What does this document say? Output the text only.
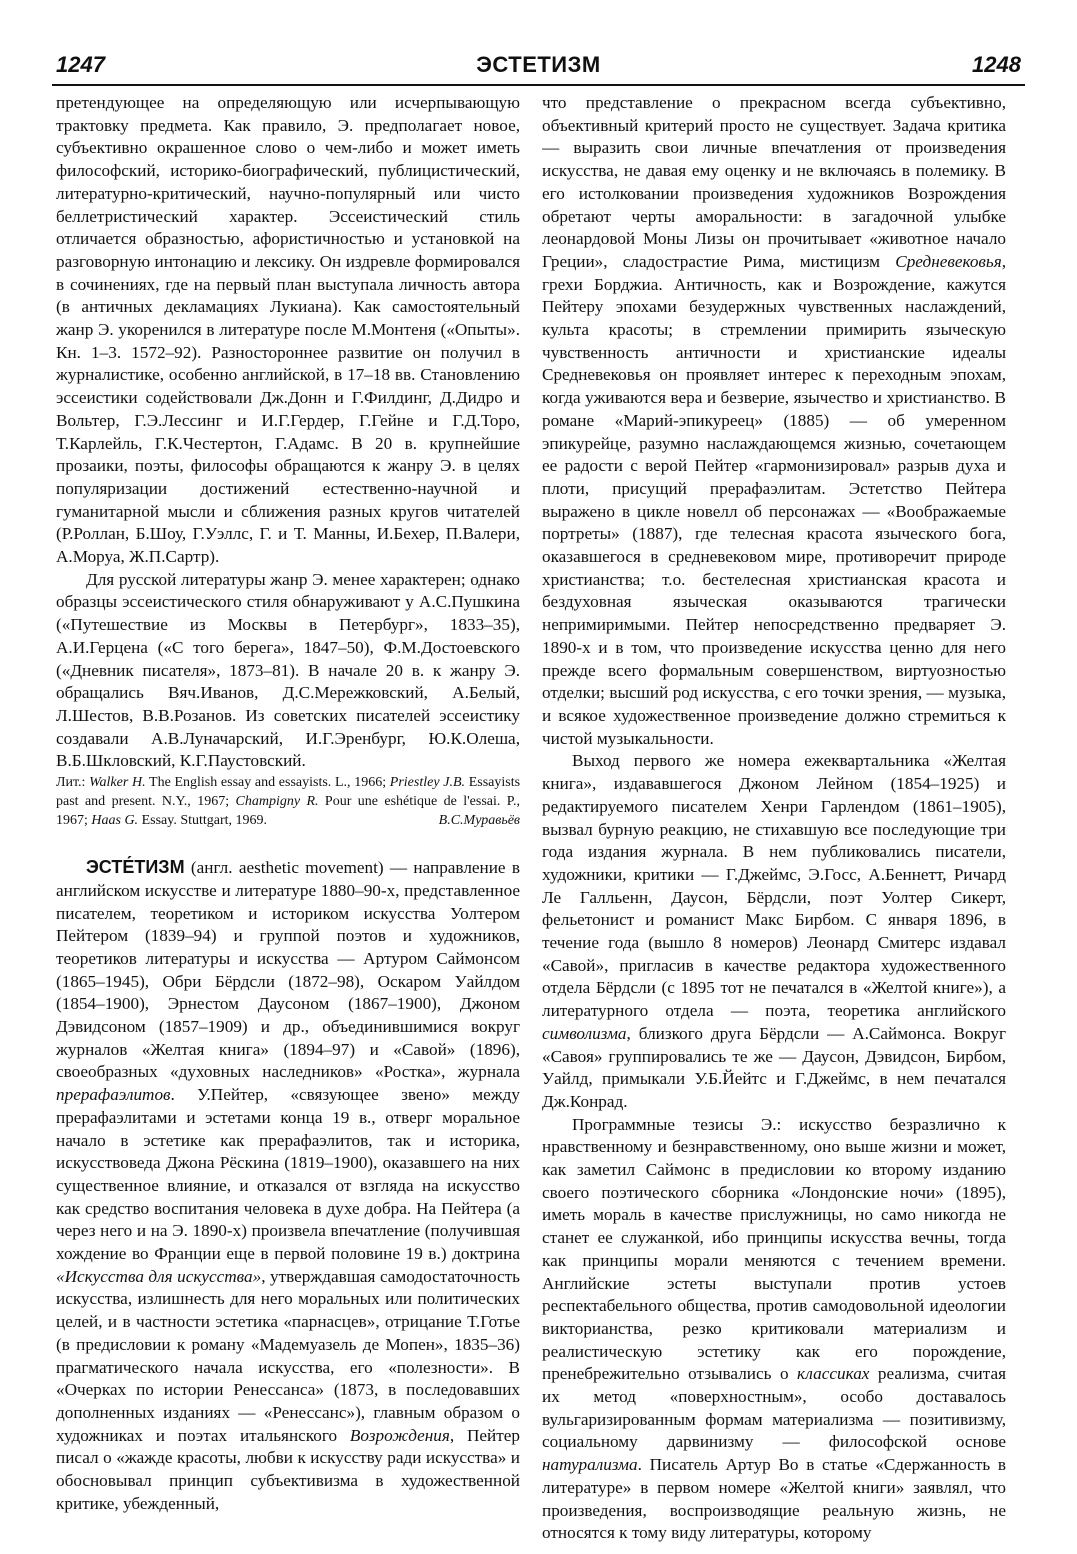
1247	ЭСТЕТИЗМ	1248

претендующее на определяющую или исчерпывающую трактовку предмета. Как правило, Э. предполагает новое, субъективно окрашенное слово о чем-либо и может иметь философский, историко-биографический, публицистический, литературно-критический, научно-популярный или чисто беллетристический характер. Эссеистический стиль отличается образностью, афористичностью и установкой на разговорную интонацию и лексику. Он издревле формировался в сочинениях, где на первый план выступала личность автора (в античных декламациях Лукиана). Как самостоятельный жанр Э. укоренился в литературе после М.Монтеня («Опыты». Кн. 1–3. 1572–92). Разностороннее развитие он получил в журналистике, особенно английской, в 17–18 вв. Становлению эссеистики содействовали Дж.Донн и Г.Филдинг, Д.Дидро и Вольтер, Г.Э.Лессинг и И.Г.Гердер, Г.Гейне и Г.Д.Торо, Т.Карлейль, Г.К.Честертон, Г.Адамс. В 20 в. крупнейшие прозаики, поэты, философы обращаются к жанру Э. в целях популяризации достижений естественно-научной и гуманитарной мысли и сближения разных кругов читателей (Р.Роллан, Б.Шоу, Г.Уэллс, Г. и Т. Манны, И.Бехер, П.Валери, А.Моруа, Ж.П.Сартр).

Для русской литературы жанр Э. менее характерен; однако образцы эссеистического стиля обнаруживают у А.С.Пушкина («Путешествие из Москвы в Петербург», 1833–35), А.И.Герцена («С того берега», 1847–50), Ф.М.Достоевского («Дневник писателя», 1873–81). В начале 20 в. к жанру Э. обращались Вяч.Иванов, Д.С.Мережковский, А.Белый, Л.Шестов, В.В.Розанов. Из советских писателей эссеистику создавали А.В.Луначарский, И.Г.Эренбург, Ю.К.Олеша, В.Б.Шкловский, К.Г.Паустовский.

Лит.: Walker H. The English essay and essayists. L., 1966; Priestley J.B. Essayists past and present. N.Y., 1967; Champigny R. Pour une eshétique de l'essai. P., 1967; Haas G. Essay. Stuttgart, 1969.	В.С.Муравьёв

ЭСТЕ́ТИЗМ (англ. aesthetic movement) — направление в английском искусстве и литературе 1880–90-х, представленное писателем, теоретиком и историком искусства Уолтером Пейтером (1839–94) и группой поэтов и художников, теоретиков литературы и искусства — Артуром Саймонсом (1865–1945), Обри Бёрдсли (1872–98), Оскаром Уайлдом (1854–1900), Эрнестом Даусоном (1867–1900), Джоном Дэвидсоном (1857–1909) и др., объединившимися вокруг журналов «Желтая книга» (1894–97) и «Савой» (1896), своеобразных «духовных наследников» «Ростка», журнала прерафаэлитов. У.Пейтер, «связующее звено» между прерафаэлитами и эстетами конца 19 в., отверг моральное начало в эстетике как прерафаэлитов, так и историка, искусствоведа Джона Рёскина (1819–1900), оказавшего на них существенное влияние, и отказался от взгляда на искусство как средство воспитания человека в духе добра. На Пейтера (а через него и на Э. 1890-х) произвела впечатление (получившая хождение во Франции еще в первой половине 19 в.) доктрина «Искусства для искусства», утверждавшая самодостаточность искусства, излишнесть для него моральных или политических целей, и в частности эстетика «парнасцев», отрицание Т.Готье (в предисловии к роману «Мадемуазель де Мопен», 1835–36) прагматического начала искусства, его «полезности». В «Очерках по истории Ренессанса» (1873, в последовавших дополненных изданиях — «Ренессанс»), главным образом о художниках и поэтах итальянского Возрождения, Пейтер писал о «жажде красоты, любви к искусству ради искусства» и обосновывал принцип субъективизма в художественной критике, убежденный,

что представление о прекрасном всегда субъективно, объективный критерий просто не существует. Задача критика — выразить свои личные впечатления от произведения искусства, не давая ему оценку и не включаясь в полемику. В его истолковании произведения художников Возрождения обретают черты аморальности: в загадочной улыбке леонардовой Моны Лизы он прочитывает «животное начало Греции», сладострастие Рима, мистицизм Средневековья, грехи Борджиа. Античность, как и Возрождение, кажутся Пейтеру эпохами безудержных чувственных наслаждений, культа красоты; в стремлении примирить языческую чувственность античности и христианские идеалы Средневековья он проявляет интерес к переходным эпохам, когда уживаются вера и безверие, язычество и христианство. В романе «Марий-эпикуреец» (1885) — об умеренном эпикурейце, разумно наслаждающемся жизнью, сочетающем ее радости с верой Пейтер «гармонизировал» разрыв духа и плоти, присущий прерафаэлитам. Эстетство Пейтера выражено в цикле новелл об персонажах — «Воображаемые портреты» (1887), где телесная красота языческого бога, оказавшегося в средневековом мире, противоречит природе христианства; т.о. бестелесная христианская красота и бездуховная языческая оказываются трагически непримиримыми. Пейтер непосредственно предваряет Э. 1890-х и в том, что произведение искусства ценно для него прежде всего формальным совершенством, виртуозностью отделки; высший род искусства, с его точки зрения, — музыка, и всякое художественное произведение должно стремиться к чистой музыкальности.

Выход первого же номера ежеквартальника «Желтая книга», издававшегося Джоном Лейном (1854–1925) и редактируемого писателем Хенри Гарлендом (1861–1905), вызвал бурную реакцию, не стихавшую все последующие три года издания журнала. В нем публиковались писатели, художники, критики — Г.Джеймс, Э.Госс, А.Беннетт, Ричард Ле Галльенн, Даусон, Бёрдсли, поэт Уолтер Сикерт, фельетонист и романист Макс Бирбом. С января 1896, в течение года (вышло 8 номеров) Леонард Смитерс издавал «Савой», пригласив в качестве редактора художественного отдела Бёрдсли (с 1895 тот не печатался в «Желтой книге»), а литературного отдела — поэта, теоретика английского символизма, близкого друга Бёрдсли — А.Саймонса. Вокруг «Савоя» группировались те же — Даусон, Дэвидсон, Бирбом, Уайлд, примыкали У.Б.Йейтс и Г.Джеймс, в нем печатался Дж.Конрад.

Программные тезисы Э.: искусство безразлично к нравственному и безнравственному, оно выше жизни и может, как заметил Саймонс в предисловии ко второму изданию своего поэтического сборника «Лондонские ночи» (1895), иметь мораль в качестве прислужницы, но само никогда не станет ее служанкой, ибо принципы искусства вечны, тогда как принципы морали меняются с течением времени. Английские эстеты выступали против устоев респектабельного общества, против самодовольной идеологии викторианства, резко критиковали материализм и реалистическую эстетику как его порождение, пренебрежительно отзывались о классиках реализма, считая их метод «поверхностным», особо доставалось вульгаризированным формам материализма — позитивизму, социальному дарвинизму — философской основе натурализма. Писатель Артур Во в статье «Сдержанность в литературе» в первом номере «Желтой книги» заявлял, что произведения, воспроизводящие реальную жизнь, не относятся к тому виду литературы, которому
